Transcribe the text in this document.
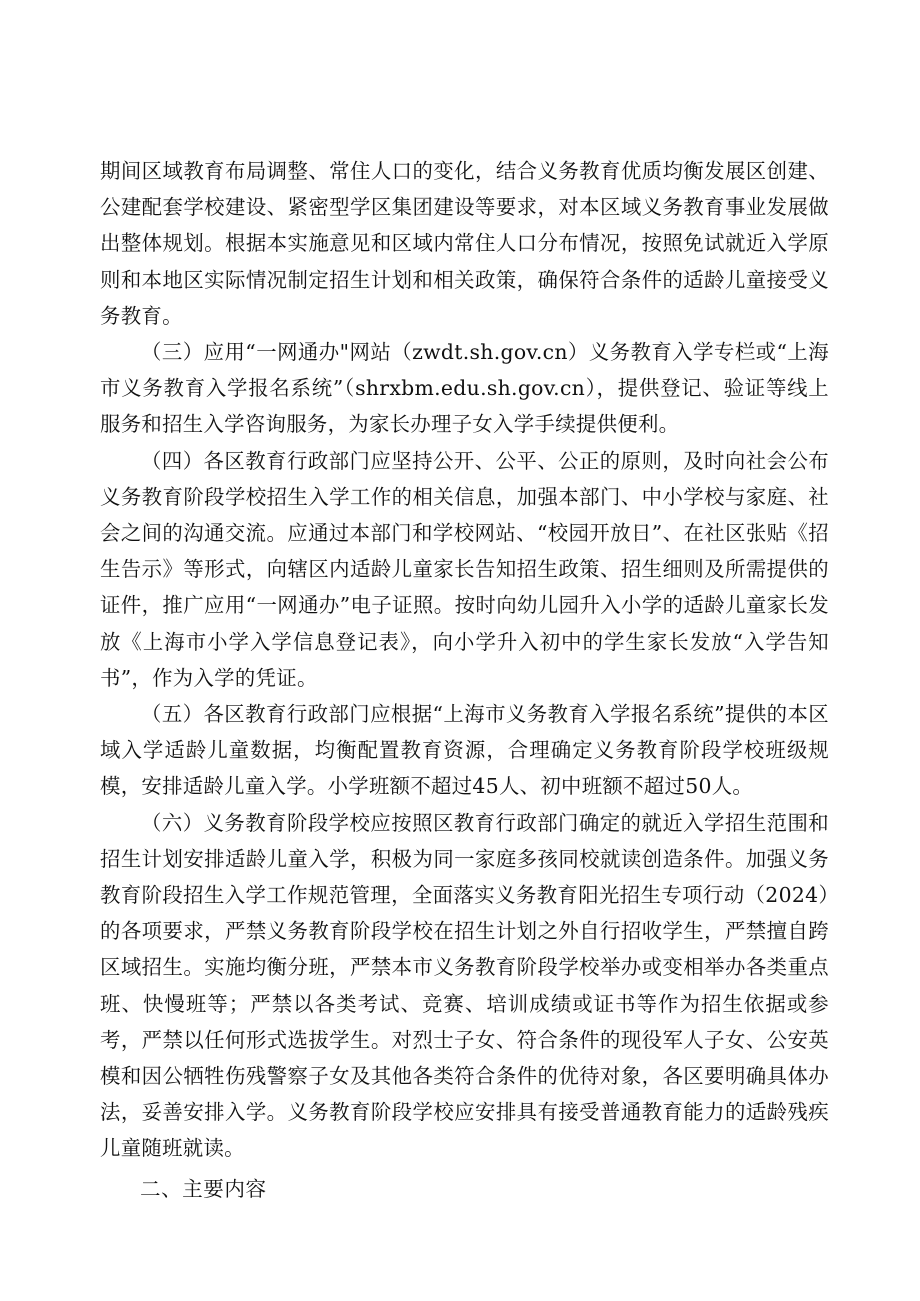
期间区域教育布局调整、常住人口的变化，结合义务教育优质均衡发展区创建、公建配套学校建设、紧密型学区集团建设等要求，对本区域义务教育事业发展做出整体规划。根据本实施意见和区域内常住人口分布情况，按照免试就近入学原则和本地区实际情况制定招生计划和相关政策，确保符合条件的适龄儿童接受义务教育。

（三）应用“一网通办"网站（zwdt.sh.gov.cn）义务教育入学专栏或“上海市义务教育入学报名系统”（shrxbm.edu.sh.gov.cn），提供登记、验证等线上服务和招生入学咨询服务，为家长办理子女入学手续提供便利。

（四）各区教育行政部门应坚持公开、公平、公正的原则，及时向社会公布义务教育阶段学校招生入学工作的相关信息，加强本部门、中小学校与家庭、社会之间的沟通交流。应通过本部门和学校网站、“校园开放日”、在社区张贴《招生告示》等形式，向辖区内适龄儿童家长告知招生政策、招生细则及所需提供的证件，推广应用“一网通办”电子证照。按时向幼儿园升入小学的适龄儿童家长发放《上海市小学入学信息登记表》，向小学升入初中的学生家长发放“入学告知书”，作为入学的凭证。

（五）各区教育行政部门应根据“上海市义务教育入学报名系统”提供的本区域入学适龄儿童数据，均衡配置教育资源，合理确定义务教育阶段学校班级规模，安排适龄儿童入学。小学班额不超过45人、初中班额不超过50人。

（六）义务教育阶段学校应按照区教育行政部门确定的就近入学招生范围和招生计划安排适龄儿童入学，积极为同一家庭多孩同校就读创造条件。加强义务教育阶段招生入学工作规范管理，全面落实义务教育阳光招生专项行动（2024）的各项要求，严禁义务教育阶段学校在招生计划之外自行招收学生，严禁擅自跨区域招生。实施均衡分班，严禁本市义务教育阶段学校举办或变相举办各类重点班、快慢班等；严禁以各类考试、竞赛、培训成绩或证书等作为招生依据或参考，严禁以任何形式选拔学生。对烈士子女、符合条件的现役军人子女、公安英模和因公牺牲伤残警察子女及其他各类符合条件的优待对象，各区要明确具体办法，妥善安排入学。义务教育阶段学校应安排具有接受普通教育能力的适龄残疾儿童随班就读。

二、主要内容
